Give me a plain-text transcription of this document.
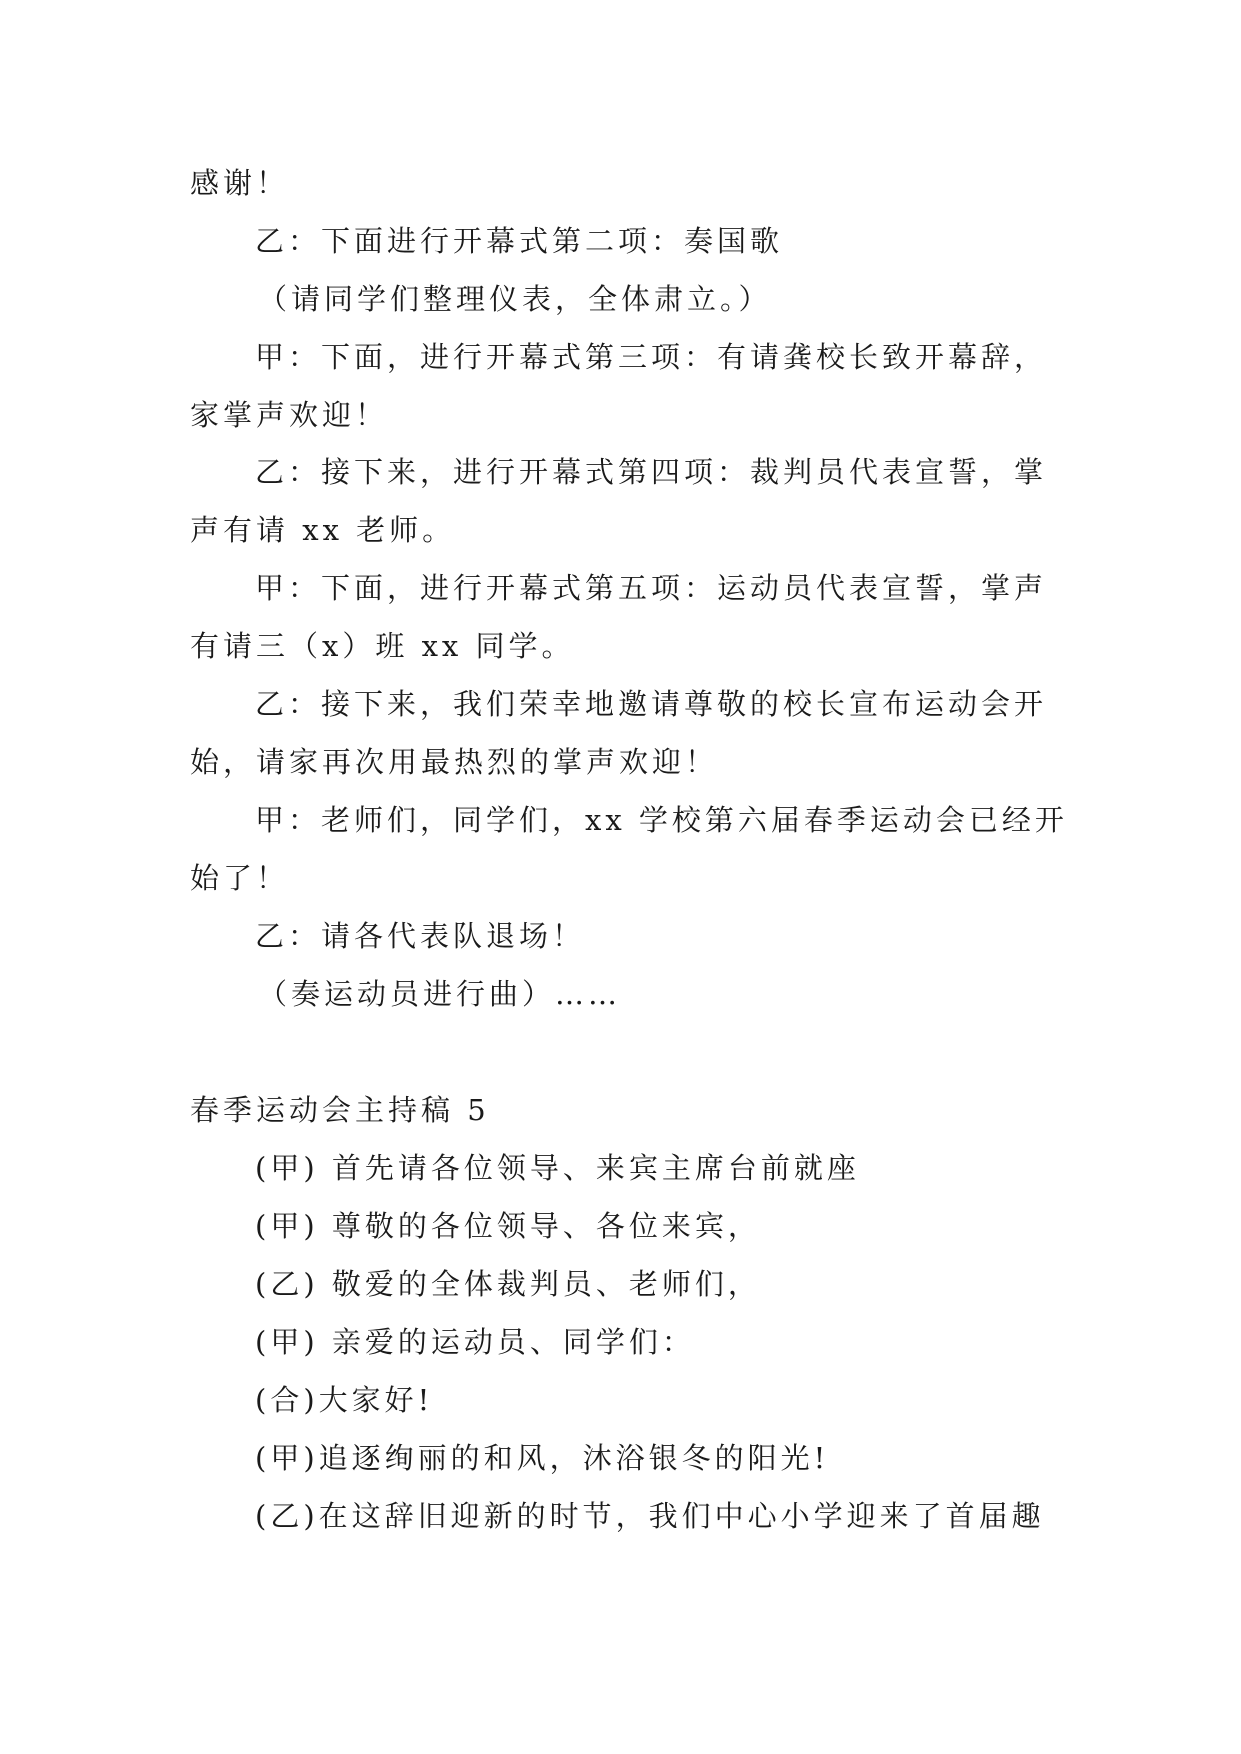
感谢！
乙：下面进行开幕式第二项：奏国歌
（请同学们整理仪表，全体肃立。）
甲：下面，进行开幕式第三项：有请龚校长致开幕辞，
家掌声欢迎！
乙：接下来，进行开幕式第四项：裁判员代表宣誓，掌
声有请 xx 老师。
甲：下面，进行开幕式第五项：运动员代表宣誓，掌声
有请三（x）班 xx 同学。
乙：接下来，我们荣幸地邀请尊敬的校长宣布运动会开
始，请家再次用最热烈的掌声欢迎！
甲：老师们，同学们，xx 学校第六届春季运动会已经开
始了！
乙：请各代表队退场！
（奏运动员进行曲）……
春季运动会主持稿 5
(甲) 首先请各位领导、来宾主席台前就座
(甲) 尊敬的各位领导、各位来宾，
(乙) 敬爱的全体裁判员、老师们，
(甲) 亲爱的运动员、同学们：
(合)大家好!
(甲)追逐绚丽的和风，沐浴银冬的阳光!
(乙)在这辞旧迎新的时节，我们中心小学迎来了首届趣
